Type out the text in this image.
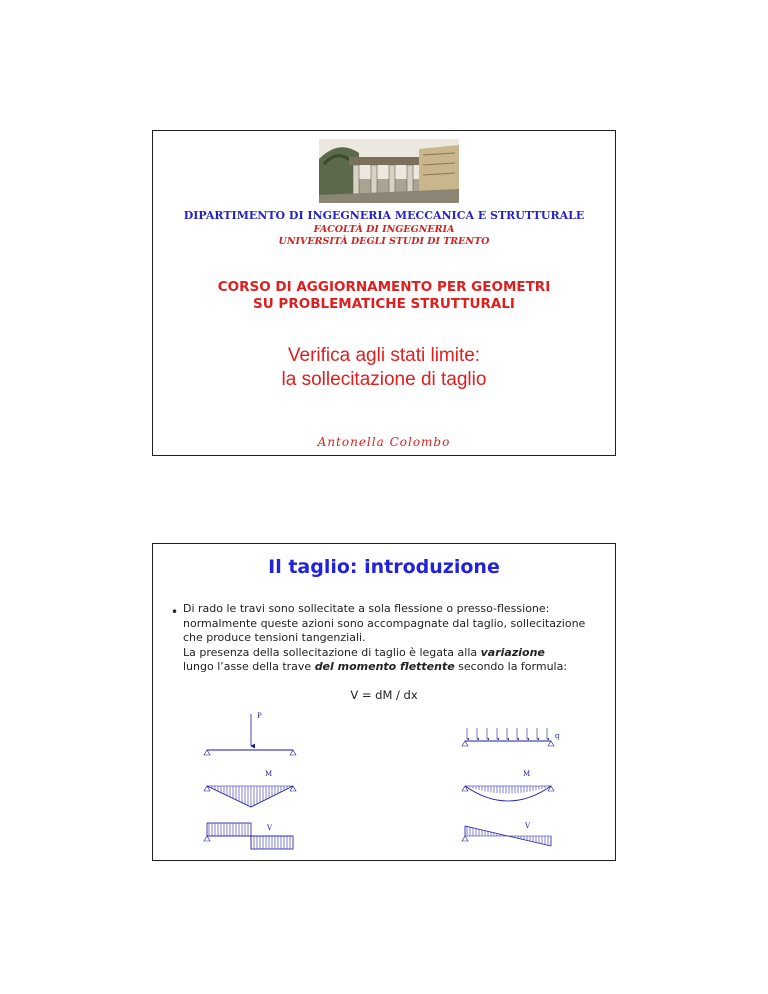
DIPARTIMENTO DI INGEGNERIA MECCANICA E STRUTTURALE
FACOLTÀ DI INGEGNERIA
UNIVERSITÀ DEGLI STUDI DI TRENTO
CORSO DI AGGIORNAMENTO PER GEOMETRI
SU PROBLEMATICHE STRUTTURALI
Verifica agli stati limite:
la sollecitazione di taglio
Antonella Colombo
Il taglio: introduzione
• Di rado le travi sono sollecitate a sola flessione o presso-flessione: normalmente queste azioni sono accompagnate dal taglio, sollecitazione che produce tensioni tangenziali.
La presenza della sollecitazione di taglio è legata alla variazione
lungo l’asse della trave del momento flettente secondo la formula:
V = dM / dx
P
M
V
q
M
V
